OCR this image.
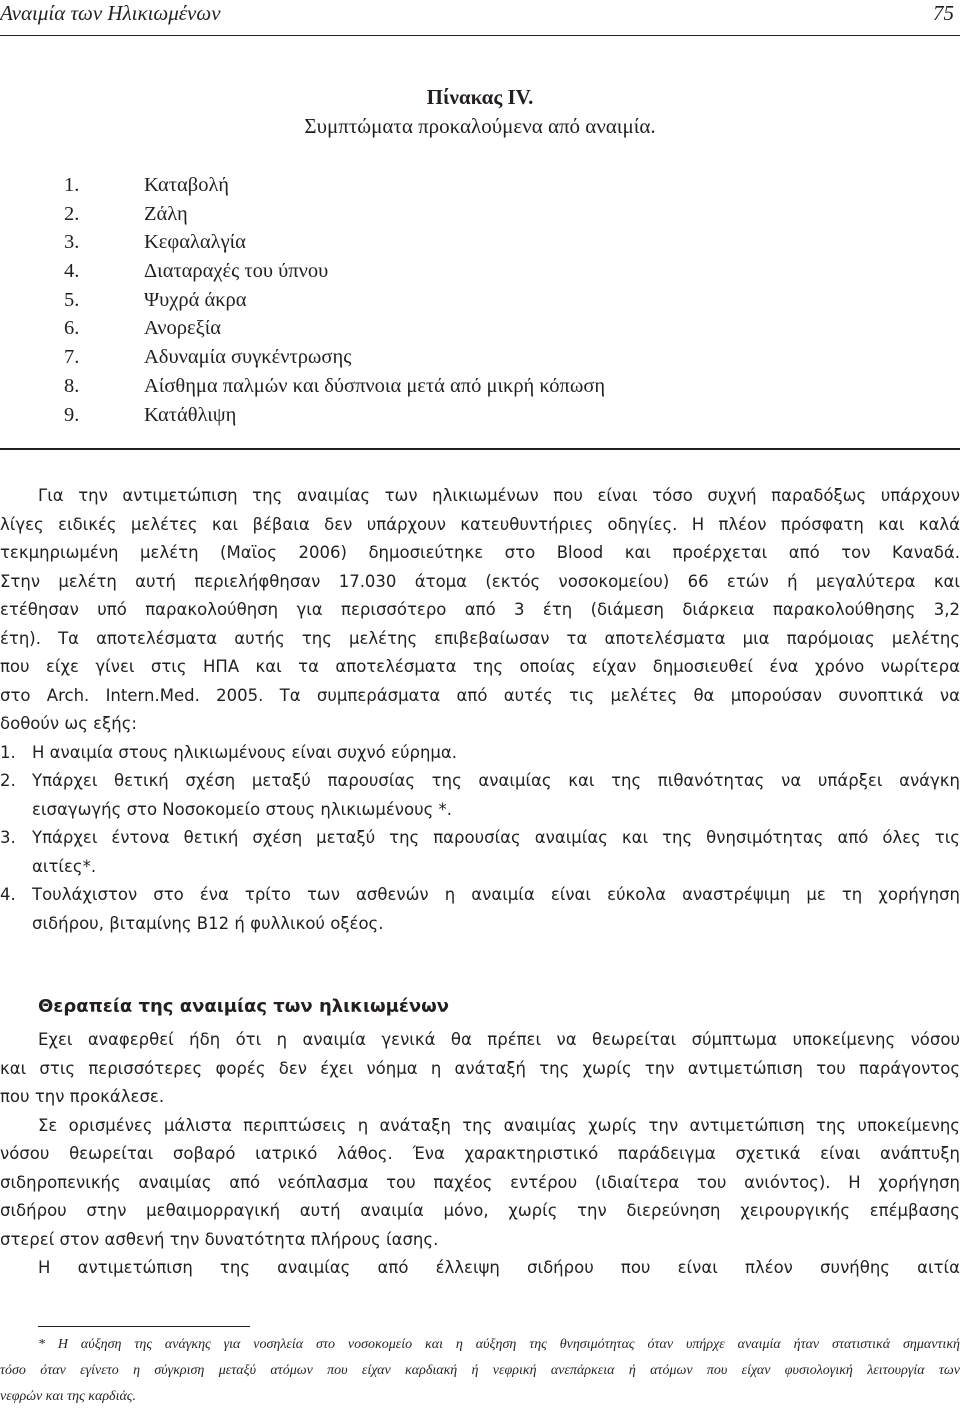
Αναιμία των Ηλικιωμένων	75
Πίνακας IV.
Συμπτώματα προκαλούμενα από αναιμία.
1.	Καταβολή
2.	Ζάλη
3.	Κεφαλαλγία
4.	Διαταραχές του ύπνου
5.	Ψυχρά άκρα
6.	Ανορεξία
7.	Αδυναμία συγκέντρωσης
8.	Αίσθημα παλμών και δύσπνοια μετά από μικρή κόπωση
9.	Κατάθλιψη
Για την αντιμετώπιση της αναιμίας των ηλικιωμένων που είναι τόσο συχνή παραδόξως υπάρχουν
λίγες ειδικές μελέτες και βέβαια δεν υπάρχουν κατευθυντήριες οδηγίες. Η πλέον πρόσφατη και καλά
τεκμηριωμένη μελέτη (Μαϊος 2006) δημοσιεύτηκε στο Blood και προέρχεται από τον Καναδά.
Στην μελέτη αυτή περιελήφθησαν 17.030 άτομα (εκτός νοσοκομείου) 66 ετών ή μεγαλύτερα και
ετέθησαν υπό παρακολούθηση για περισσότερο από 3 έτη (διάμεση διάρκεια παρακολούθησης 3,2
έτη). Τα αποτελέσματα αυτής της μελέτης επιβεβαίωσαν τα αποτελέσματα μια παρόμοιας μελέτης
που είχε γίνει στις ΗΠΑ και τα αποτελέσματα της οποίας είχαν δημοσιευθεί ένα χρόνο νωρίτερα
στο Arch. Intern.Med. 2005. Τα συμπεράσματα από αυτές τις μελέτες θα μπορούσαν συνοπτικά να
δοθούν ως εξής:
1. Η αναιμία στους ηλικιωμένους είναι συχνό εύρημα.
2. Υπάρχει θετική σχέση μεταξύ παρουσίας της αναιμίας και της πιθανότητας να υπάρξει ανάγκη
εισαγωγής στο Νοσοκομείο στους ηλικιωμένους *.
3. Υπάρχει έντονα θετική σχέση μεταξύ της παρουσίας αναιμίας και της θνησιμότητας από όλες τις
αιτίες*.
4. Τουλάχιστον στο ένα τρίτο των ασθενών η αναιμία είναι εύκολα αναστρέψιμη με τη χορήγηση
σιδήρου, βιταμίνης Β12 ή φυλλικού οξέος.
Θεραπεία της αναιμίας των ηλικιωμένων
Εχει αναφερθεί ήδη ότι η αναιμία γενικά θα πρέπει να θεωρείται σύμπτωμα υποκείμενης νόσου
και στις περισσότερες φορές δεν έχει νόημα η ανάταξή της χωρίς την αντιμετώπιση του παράγοντος
που την προκάλεσε.
Σε ορισμένες μάλιστα περιπτώσεις η ανάταξη της αναιμίας χωρίς την αντιμετώπιση της υποκείμενης
νόσου θεωρείται σοβαρό ιατρικό λάθος. Ένα χαρακτηριστικό παράδειγμα σχετικά είναι ανάπτυξη
σιδηροπενικής αναιμίας από νεόπλασμα του παχέος εντέρου (ιδιαίτερα του ανιόντος). Η χορήγηση
σιδήρου στην μεθαιμορραγική αυτή αναιμία μόνο, χωρίς την διερεύνηση χειρουργικής επέμβασης
στερεί στον ασθενή την δυνατότητα πλήρους ίασης.
Η αντιμετώπιση της αναιμίας από έλλειψη σιδήρου που είναι πλέον συνήθης αιτία
* Η αύξηση της ανάγκης για νοσηλεία στο νοσοκομείο και η αύξηση της θνησιμότητας όταν υπήρχε αναιμία ήταν στατιστικά σημαντική
τόσο όταν εγίνετο η σύγκριση μεταξύ ατόμων που είχαν καρδιακή ή νεφρική ανεπάρκεια ή ατόμων που είχαν φυσιολογική λειτουργία των
νεφρών και της καρδιάς.
